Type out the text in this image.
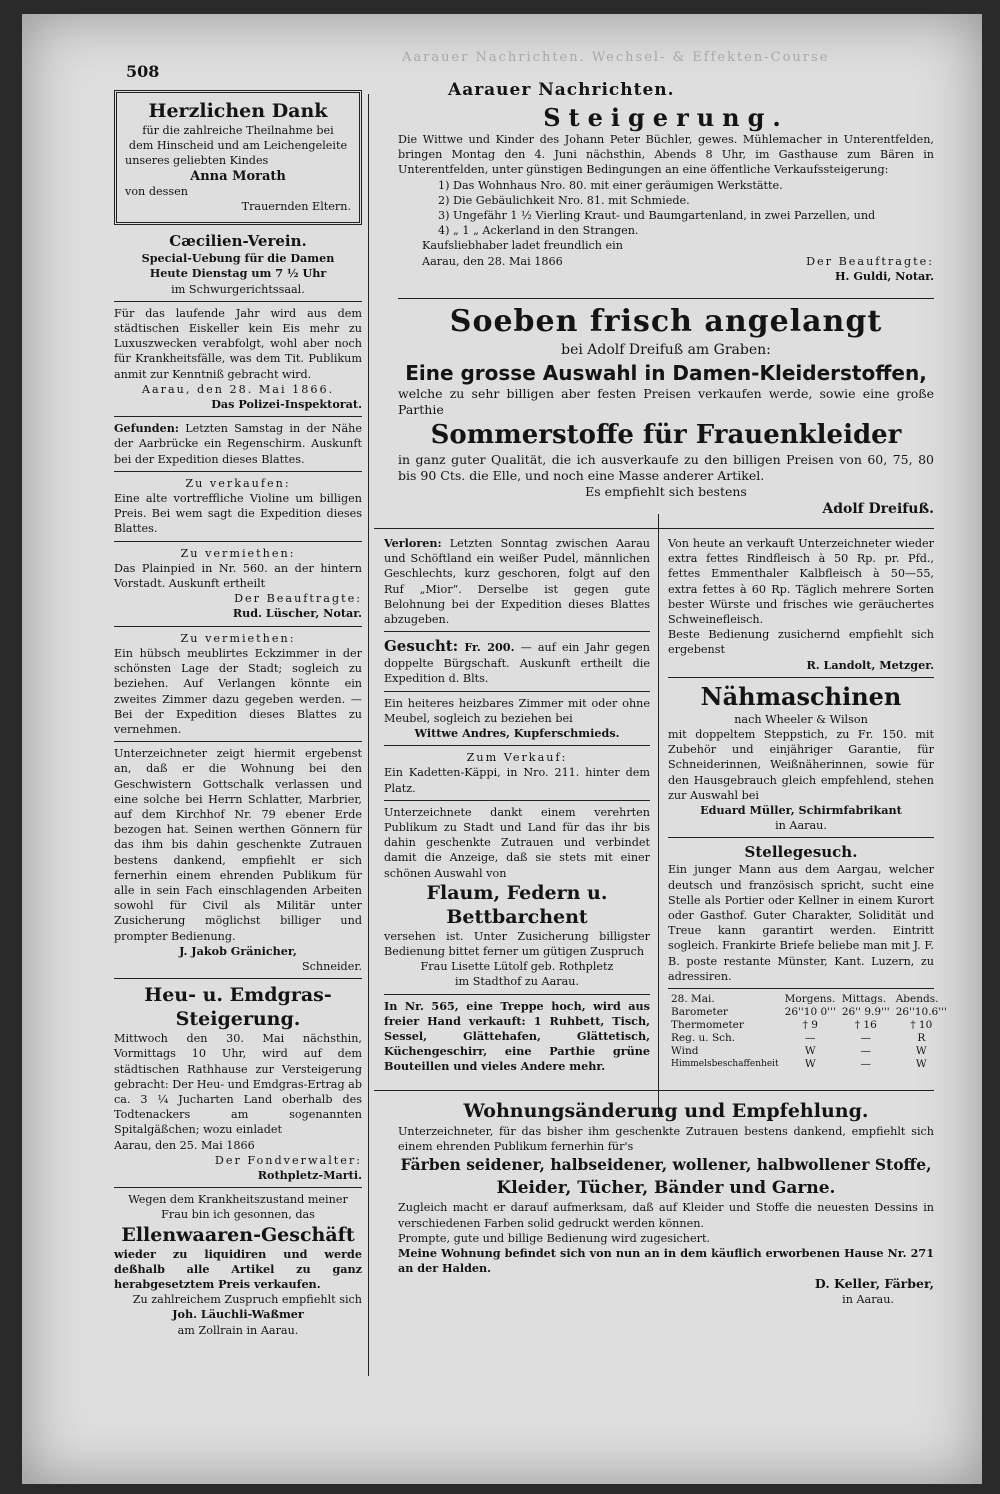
Aarauer Nachrichten. Wechsel- & Effekten-Course
508
Aarauer Nachrichten.

Herzlichen Dank

für die zahlreiche Theilnahme bei

dem Hinscheid und am Leichengeleite

unseres geliebten Kindes

Anna Morath

von dessen

Trauernden Eltern.

Cæcilien-Verein.

Special-Uebung für die Damen

Heute Dienstag um 7 ½ Uhr

im Schwurgerichtssaal.

Für das laufende Jahr wird aus dem städtischen Eiskeller kein Eis mehr zu Luxuszwecken verabfolgt, wohl aber noch für Krankheitsfälle, was dem Tit. Publikum anmit zur Kenntniß gebracht wird.

Aarau, den 28. Mai 1866.

Das Polizei-Inspektorat.

Gefunden: Letzten Samstag in der Nähe der Aarbrücke ein Regenschirm. Auskunft bei der Expedition dieses Blattes.

Zu verkaufen:

Eine alte vortreffliche Violine um billigen Preis. Bei wem sagt die Expedition dieses Blattes.

Zu vermiethen:

Das Plainpied in Nr. 560. an der hintern Vorstadt. Auskunft ertheilt

Der Beauftragte:

Rud. Lüscher, Notar.

Zu vermiethen:

Ein hübsch meublirtes Eckzimmer in der schönsten Lage der Stadt; sogleich zu beziehen. Auf Verlangen könnte ein zweites Zimmer dazu gegeben werden. — Bei der Expedition dieses Blattes zu vernehmen.

Unterzeichneter zeigt hiermit ergebenst an, daß er die Wohnung bei den Geschwistern Gottschalk verlassen und eine solche bei Herrn Schlatter, Marbrier, auf dem Kirchhof Nr. 79 ebener Erde bezogen hat. Seinen werthen Gönnern für das ihm bis dahin geschenkte Zutrauen bestens dankend, empfiehlt er sich fernerhin einem ehrenden Publikum für alle in sein Fach einschlagenden Arbeiten sowohl für Civil als Militär unter Zusicherung möglichst billiger und prompter Bedienung.

J. Jakob Gränicher,

Schneider.

Heu- u. Emdgras-Steigerung.

Mittwoch den 30. Mai nächsthin, Vormittags 10 Uhr, wird auf dem städtischen Rathhause zur Versteigerung gebracht: Der Heu- und Emdgras-Ertrag ab ca. 3 ¼ Jucharten Land oberhalb des Todtenackers am sogenannten Spitalgäßchen; wozu einladet

Aarau, den 25. Mai 1866

Der Fondverwalter:

Rothpletz-Marti.

Wegen dem Krankheitszustand meiner Frau bin ich gesonnen, das

Ellenwaaren-Geschäft

wieder zu liquidiren und werde deßhalb alle Artikel zu ganz herabgesetztem Preis verkaufen.

Zu zahlreichem Zuspruch empfiehlt sich

Joh. Läuchli-Waßmer

am Zollrain in Aarau.

Steigerung.

Die Wittwe und Kinder des Johann Peter Büchler, gewes. Mühlemacher in Unterentfelden, bringen Montag den 4. Juni nächsthin, Abends 8 Uhr, im Gasthause zum Bären in Unterentfelden, unter günstigen Bedingungen an eine öffentliche Verkaufssteigerung:

1) Das Wohnhaus Nro. 80. mit einer geräumigen Werkstätte.

2) Die Gebäulichkeit Nro. 81. mit Schmiede.

3) Ungefähr 1 ½ Vierling Kraut- und Baumgartenland, in zwei Parzellen, und

4) „ 1 „ Ackerland in den Strangen.

Kaufsliebhaber ladet freundlich ein

Aarau, den 28. Mai 1866	Der Beauftragte:

H. Guldi, Notar.

Soeben frisch angelangt

bei Adolf Dreifuß am Graben:

Eine grosse Auswahl in Damen-Kleiderstoffen,

welche zu sehr billigen aber festen Preisen verkaufen werde, sowie eine große Parthie

Sommerstoffe für Frauenkleider

in ganz guter Qualität, die ich ausverkaufe zu den billigen Preisen von 60, 75, 80 bis 90 Cts. die Elle, und noch eine Masse anderer Artikel.

Es empfiehlt sich bestens

Adolf Dreifuß.

Verloren: Letzten Sonntag zwischen Aarau und Schöftland ein weißer Pudel, männlichen Geschlechts, kurz geschoren, folgt auf den Ruf „Mior“. Derselbe ist gegen gute Belohnung bei der Expedition dieses Blattes abzugeben.

Gesucht: Fr. 200. — auf ein Jahr gegen doppelte Bürgschaft. Auskunft ertheilt die Expedition d. Blts.

Ein heiteres heizbares Zimmer mit oder ohne Meubel, sogleich zu beziehen bei

Wittwe Andres, Kupferschmieds.

Zum Verkauf:

Ein Kadetten-Käppi, in Nro. 211. hinter dem Platz.

Unterzeichnete dankt einem verehrten Publikum zu Stadt und Land für das ihr bis dahin geschenkte Zutrauen und verbindet damit die Anzeige, daß sie stets mit einer schönen Auswahl von

Flaum, Federn u. Bettbarchent

versehen ist. Unter Zusicherung billigster Bedienung bittet ferner um gütigen Zuspruch

Frau Lisette Lütolf geb. Rothpletz

im Stadthof zu Aarau.

In Nr. 565, eine Treppe hoch, wird aus freier Hand verkauft: 1 Ruhbett, Tisch, Sessel, Glättehafen, Glättetisch, Küchengeschirr, eine Parthie grüne Bouteillen und vieles Andere mehr.

Von heute an verkauft Unterzeichneter wieder extra fettes Rindfleisch à 50 Rp. pr. Pfd., fettes Emmenthaler Kalbfleisch à 50—55, extra fettes à 60 Rp. Täglich mehrere Sorten bester Würste und frisches wie geräuchertes Schweinefleisch.

Beste Bedienung zusichernd empfiehlt sich ergebenst

R. Landolt, Metzger.

Nähmaschinen

nach Wheeler & Wilson

mit doppeltem Steppstich, zu Fr. 150. mit Zubehör und einjähriger Garantie, für Schneiderinnen, Weißnäherinnen, sowie für den Hausgebrauch gleich empfehlend, stehen zur Auswahl bei

Eduard Müller, Schirmfabrikant

in Aarau.

Stellegesuch.

Ein junger Mann aus dem Aargau, welcher deutsch und französisch spricht, sucht eine Stelle als Portier oder Kellner in einem Kurort oder Gasthof. Guter Charakter, Solidität und Treue kann garantirt werden. Eintritt sogleich. Frankirte Briefe beliebe man mit J. F. B. poste restante Münster, Kant. Luzern, zu adressiren.

28. Mai.	Morgens.	Mittags.	Abends.
Barometer	26''10 0'''	26'' 9.9'''	26''10.6'''
Thermometer	† 9	† 16	† 10
Reg. u. Sch.	—	—	R
Wind	W	—	W
Himmelsbeschaffenheit	W	—	W

Wohnungsänderung und Empfehlung.

Unterzeichneter, für das bisher ihm geschenkte Zutrauen bestens dankend, empfiehlt sich einem ehrenden Publikum fernerhin für's

Färben seidener, halbseidener, wollener, halbwollener Stoffe,

Kleider, Tücher, Bänder und Garne.

Zugleich macht er darauf aufmerksam, daß auf Kleider und Stoffe die neuesten Dessins in verschiedenen Farben solid gedruckt werden können.

Prompte, gute und billige Bedienung wird zugesichert.

Meine Wohnung befindet sich von nun an in dem käuflich erworbenen Hause Nr. 271 an der Halden.

D. Keller, Färber,

in Aarau.
